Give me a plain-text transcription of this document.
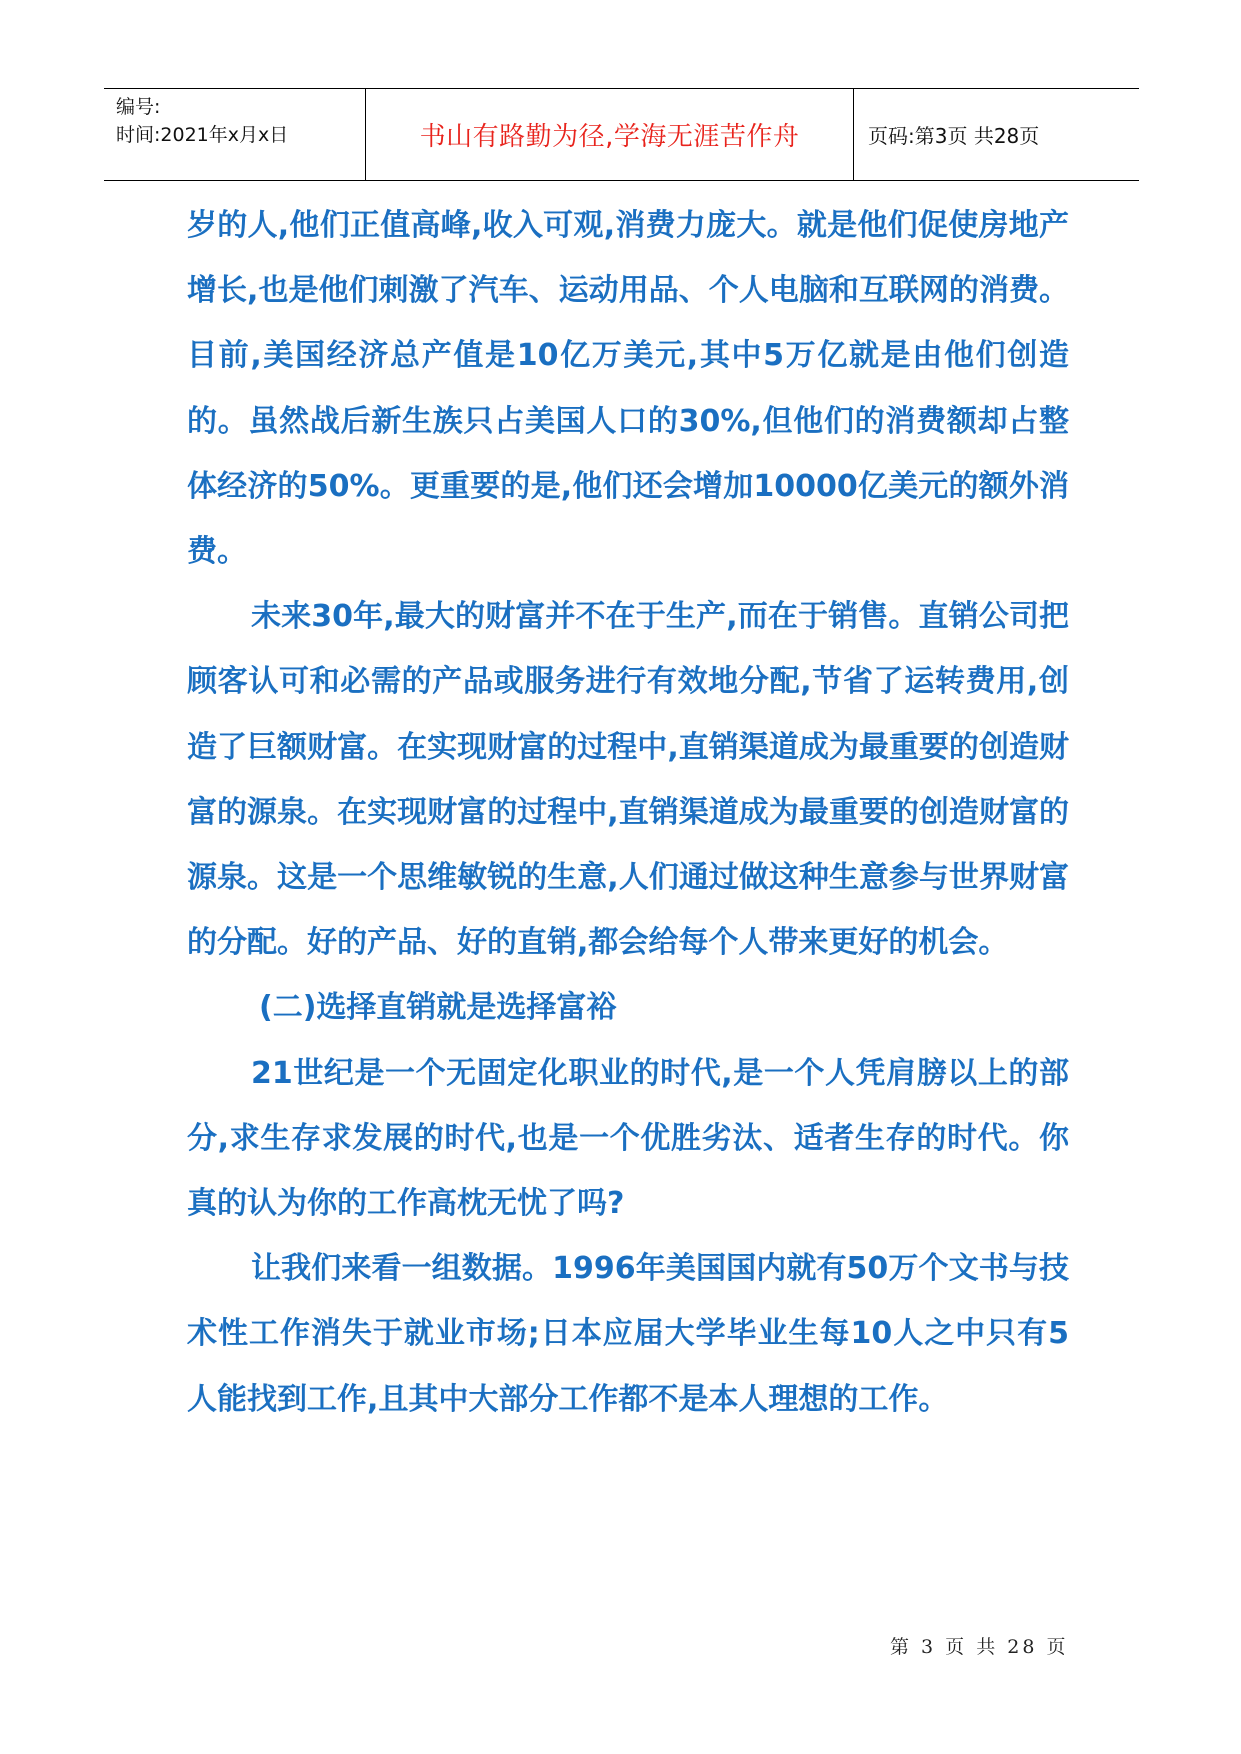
编号:
时间:2021年x月x日	书山有路勤为径,学海无涯苦作舟	页码:第3页 共28页

岁的人,他们正值高峰,收入可观,消费力庞大。就是他们促使房地产增长,也是他们刺激了汽车、运动用品、个人电脑和互联网的消费。目前,美国经济总产值是10亿万美元,其中5万亿就是由他们创造的。虽然战后新生族只占美国人口的30%,但他们的消费额却占整体经济的50%。更重要的是,他们还会增加10000亿美元的额外消费。

未来30年,最大的财富并不在于生产,而在于销售。直销公司把顾客认可和必需的产品或服务进行有效地分配,节省了运转费用,创造了巨额财富。在实现财富的过程中,直销渠道成为最重要的创造财富的源泉。在实现财富的过程中,直销渠道成为最重要的创造财富的源泉。这是一个思维敏锐的生意,人们通过做这种生意参与世界财富的分配。好的产品、好的直销,都会给每个人带来更好的机会。

(二)选择直销就是选择富裕

21世纪是一个无固定化职业的时代,是一个人凭肩膀以上的部分,求生存求发展的时代,也是一个优胜劣汰、适者生存的时代。你真的认为你的工作高枕无忧了吗?

让我们来看一组数据。1996年美国国内就有50万个文书与技术性工作消失于就业市场;日本应届大学毕业生每10人之中只有5人能找到工作,且其中大部分工作都不是本人理想的工作。

第 3 页 共 28 页
